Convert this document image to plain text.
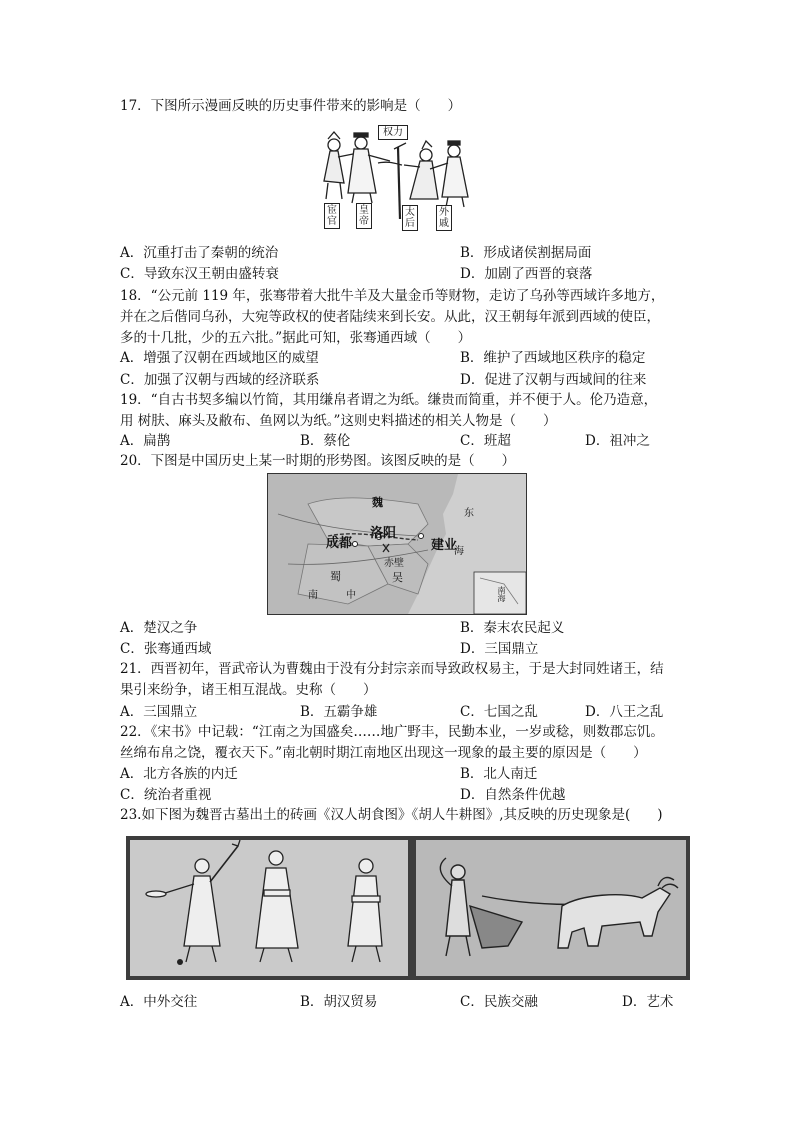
17．下图所示漫画反映的历史事件带来的影响是（　　）
权力
宦官
皇帝
太后
外戚
A．沉重打击了秦朝的统治	B．形成诸侯割据局面
C．导致东汉王朝由盛转衰	D．加剧了西晋的衰落
18．“公元前 119 年，张骞带着大批牛羊及大量金币等财物，走访了乌孙等西域许多地方，
并在之后偕同乌孙，大宛等政权的使者陆续来到长安。从此，汉王朝每年派到西域的使臣，
多的十几批，少的五六批。”据此可知，张骞通西域（　　）
A．增强了汉朝在西域地区的威望	B．维护了西域地区秩序的稳定
C．加强了汉朝与西域的经济联系	D．促进了汉朝与西域间的往来
19．“自古书契多编以竹简，其用缣帛者谓之为纸。缣贵而简重，并不便于人。伦乃造意，
用 树肤、麻头及敝布、鱼网以为纸。”这则史料描述的相关人物是（　　）
A．扁鹊	B．蔡伦	C．班超	D．祖冲之
20．下图是中国历史上某一时期的形势图。该图反映的是（　　）
魏
洛阳
成都	建业
赤壁
蜀	吴
南	中
东
海
南海
A．楚汉之争	B．秦末农民起义
C．张骞通西域	D．三国鼎立
21．西晋初年，晋武帝认为曹魏由于没有分封宗亲而导致政权易主，于是大封同姓诸王，结
果引来纷争，诸王相互混战。史称（　　）
A．三国鼎立	B．五霸争雄	C．七国之乱	D．八王之乱
22．《宋书》中记载：“江南之为国盛矣……地广野丰，民勤本业，一岁或稔，则数郡忘饥。
丝绵布帛之饶，覆衣天下。”南北朝时期江南地区出现这一现象的最主要的原因是（　　）
A．北方各族的内迁	B．北人南迁
C．统治者重视	D．自然条件优越
23.如下图为魏晋古墓出土的砖画《汉人胡食图》《胡人牛耕图》,其反映的历史现象是(　　)
A．中外交往	B．胡汉贸易	C．民族交融	D．艺术
